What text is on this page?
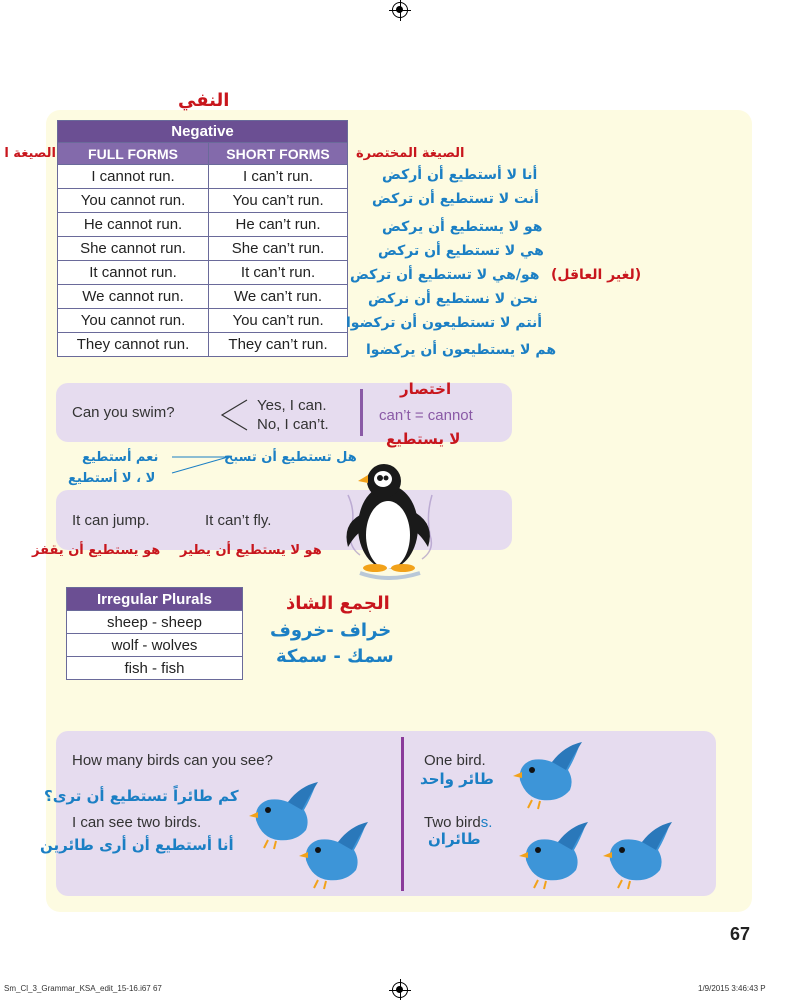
النفي
الصيغة المختصرة
الصيغة ا
Negative	
FULL FORMS	SHORT FORMS
I cannot run.	I can’t run.
You cannot run.	You can’t run.
He cannot run.	He can’t run.
She cannot run.	She can’t run.
It cannot run.	It can’t run.
We cannot run.	We can’t run.
You cannot run.	You can’t run.
They cannot run.	They can’t run.
أنا لا أستطيع أن أركض
أنت لا تستطيع أن تركض
هو لا يستطيع أن يركض
هي لا تستطيع أن تركض
هو/هي لا تستطيع أن تركض (لغير العاقل)
نحن لا نستطيع أن نركض
أنتم لا تستطيعون أن تركضوا
هم لا يستطيعون أن يركضوا
Can you swim?	Yes, I can.
No, I can’t.
can’t = cannot
اختصار
لا يستطيع
هل تستطيع أن تسبح
نعم أستطيع
لا ، لا أستطيع
It can jump.	It can’t fly.
هو لا يستطيع أن يطير
هو يستطيع أن يقفز
Irregular Plurals
sheep - sheep
wolf - wolves
fish - fish
الجمع الشاذ
خراف -خروف
سمك - سمكة
How many birds can you see?
كم طائراً تستطيع أن ترى؟
I can see two birds.
أنا أستطيع أن أرى طائرين
One bird.
طائر واحد
Two birds.
طائران
67
Sm_Cl_3_Grammar_KSA_edit_15-16.i67 67	1/9/2015 3:46:43 P
